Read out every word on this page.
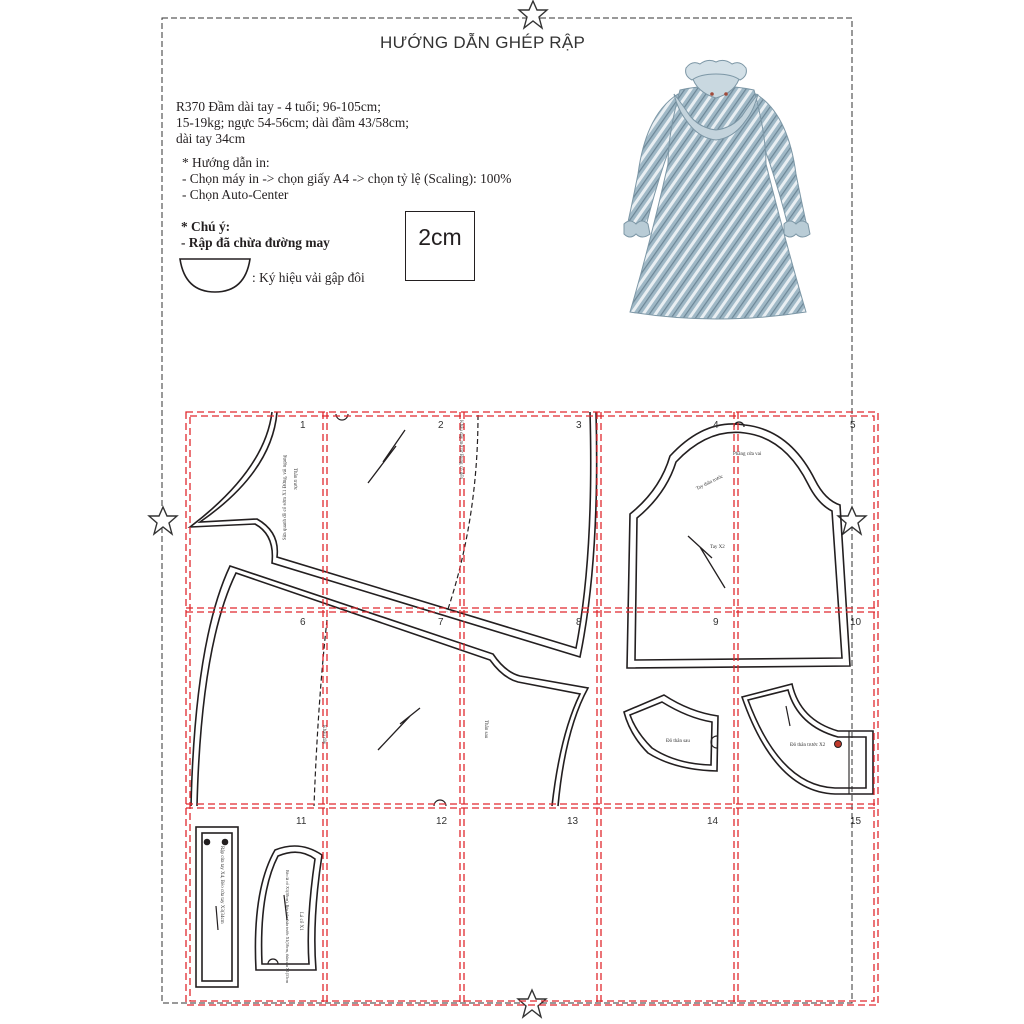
1	2	3	4	5
6	7	8	9	10
11	12	13	14	15
Thân trước
Sửa quanh đồ cổ sớm X1 Đứng, vải ngang
Khâu dây mở từ Bụng cổ đến
Thân sau
Khâu dây
Tay X2
Phẳng cửa vai
Tay thân trước
Đô thân sau
Đô thân trước X2
Rập cửa tay X4, Bèo cửa tay X3(34cm	Lá cổ X1
Bèo lá cổ X1(58cm), Bèo trên thân trước X1(56cm, thân sau X1(53cm
HƯỚNG DẪN GHÉP RẬP
R370 Đầm dài tay - 4 tuổi; 96-105cm;
15-19kg; ngực 54-56cm; dài đầm 43/58cm;
dài tay 34cm
* Hướng dẫn in:
- Chọn máy in -> chọn giấy A4 -> chọn tỷ lệ (Scaling): 100%
- Chọn Auto-Center
* Chú ý:
- Rập đã chừa đường may
: Ký hiệu vải gập đôi
2cm
